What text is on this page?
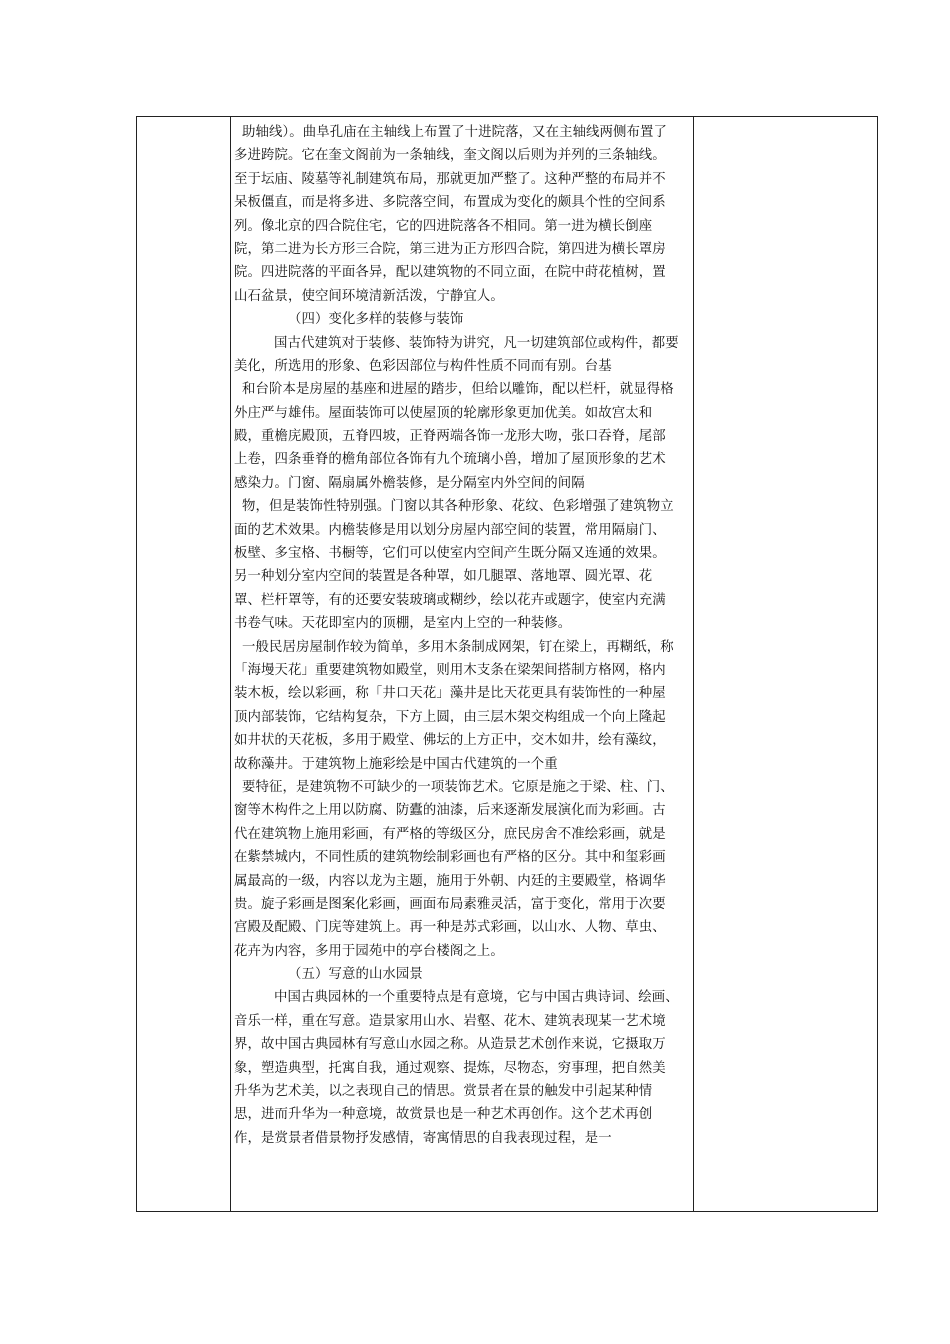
助轴线）。曲阜孔庙在主轴线上布置了十进院落，又在主轴线两侧布置了
多进跨院。它在奎文阁前为一条轴线，奎文阁以后则为并列的三条轴线。
至于坛庙、陵墓等礼制建筑布局，那就更加严整了。这种严整的布局并不
呆板僵直，而是将多进、多院落空间，布置成为变化的颇具个性的空间系
列。像北京的四合院住宅，它的四进院落各不相同。第一进为横长倒座
院，第二进为长方形三合院，第三进为正方形四合院，第四进为横长罩房
院。四进院落的平面各异，配以建筑物的不同立面，在院中莳花植树，置
山石盆景，使空间环境清新活泼，宁静宜人。
（四）变化多样的装修与装饰
国古代建筑对于装修、装饰特为讲究，凡一切建筑部位或构件，都要
美化，所选用的形象、色彩因部位与构件性质不同而有别。台基
和台阶本是房屋的基座和进屋的踏步，但给以雕饰，配以栏杆，就显得格
外庄严与雄伟。屋面装饰可以使屋顶的轮廓形象更加优美。如故宫太和
殿，重檐庑殿顶，五脊四坡，正脊两端各饰一龙形大吻，张口吞脊，尾部
上卷，四条垂脊的檐角部位各饰有九个琉璃小兽，增加了屋顶形象的艺术
感染力。门窗、隔扇属外檐装修，是分隔室内外空间的间隔
物，但是装饰性特别强。门窗以其各种形象、花纹、色彩增强了建筑物立
面的艺术效果。内檐装修是用以划分房屋内部空间的装置，常用隔扇门、
板壁、多宝格、书橱等，它们可以使室内空间产生既分隔又连通的效果。
另一种划分室内空间的装置是各种罩，如几腿罩、落地罩、圆光罩、花
罩、栏杆罩等，有的还要安装玻璃或糊纱，绘以花卉或题字，使室内充满
书卷气味。天花即室内的顶棚，是室内上空的一种装修。
一般民居房屋制作较为简单，多用木条制成网架，钉在梁上，再糊纸，称
「海墁天花」重要建筑物如殿堂，则用木支条在梁架间搭制方格网，格内
装木板，绘以彩画，称「井口天花」藻井是比天花更具有装饰性的一种屋
顶内部装饰，它结构复杂，下方上圆，由三层木架交构组成一个向上隆起
如井状的天花板，多用于殿堂、佛坛的上方正中，交木如井，绘有藻纹，
故称藻井。于建筑物上施彩绘是中国古代建筑的一个重
要特征，是建筑物不可缺少的一项装饰艺术。它原是施之于梁、柱、门、
窗等木构件之上用以防腐、防蠹的油漆，后来逐渐发展演化而为彩画。古
代在建筑物上施用彩画，有严格的等级区分，庶民房舍不准绘彩画，就是
在紫禁城内，不同性质的建筑物绘制彩画也有严格的区分。其中和玺彩画
属最高的一级，内容以龙为主题，施用于外朝、内廷的主要殿堂，格调华
贵。旋子彩画是图案化彩画，画面布局素雅灵活，富于变化，常用于次要
宫殿及配殿、门庑等建筑上。再一种是苏式彩画，以山水、人物、草虫、
花卉为内容，多用于园苑中的亭台楼阁之上。
（五）写意的山水园景
中国古典园林的一个重要特点是有意境，它与中国古典诗词、绘画、
音乐一样，重在写意。造景家用山水、岩壑、花木、建筑表现某一艺术境
界，故中国古典园林有写意山水园之称。从造景艺术创作来说，它摄取万
象，塑造典型，托寓自我，通过观察、提炼，尽物态，穷事理，把自然美
升华为艺术美，以之表现自己的情思。赏景者在景的触发中引起某种情
思，进而升华为一种意境，故赏景也是一种艺术再创作。这个艺术再创
作，是赏景者借景物抒发感情，寄寓情思的自我表现过程，是一
